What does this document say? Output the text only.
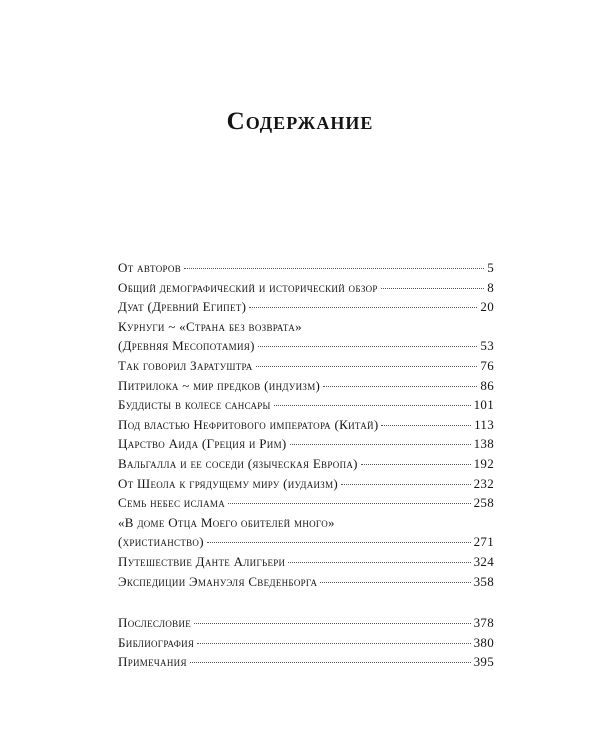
Содержание
От авторов	5
Общий демографический и исторический обзор	8
Дуат (Древний Египет)	20
Курнуги ~ «Страна без возврата»
(Древняя Месопотамия)	53
Так говорил Заратуштра	76
Питрилока ~ мир предков (индуизм)	86
Буддисты в колесе сансары	101
Под властью Нефритового императора (Китай)	113
Царство Аида (Греция и Рим)	138
Вальгалла и ее соседи (языческая Европа)	192
От Шеола к грядущему миру (иудаизм)	232
Семь небес ислама	258
«В доме Отца Моего обителей много»
(христианство)	271
Путешествие Данте Алигьери	324
Экспедиции Эмануэля Сведенборга	358
Послесловие	378
Библиография	380
Примечания	395
